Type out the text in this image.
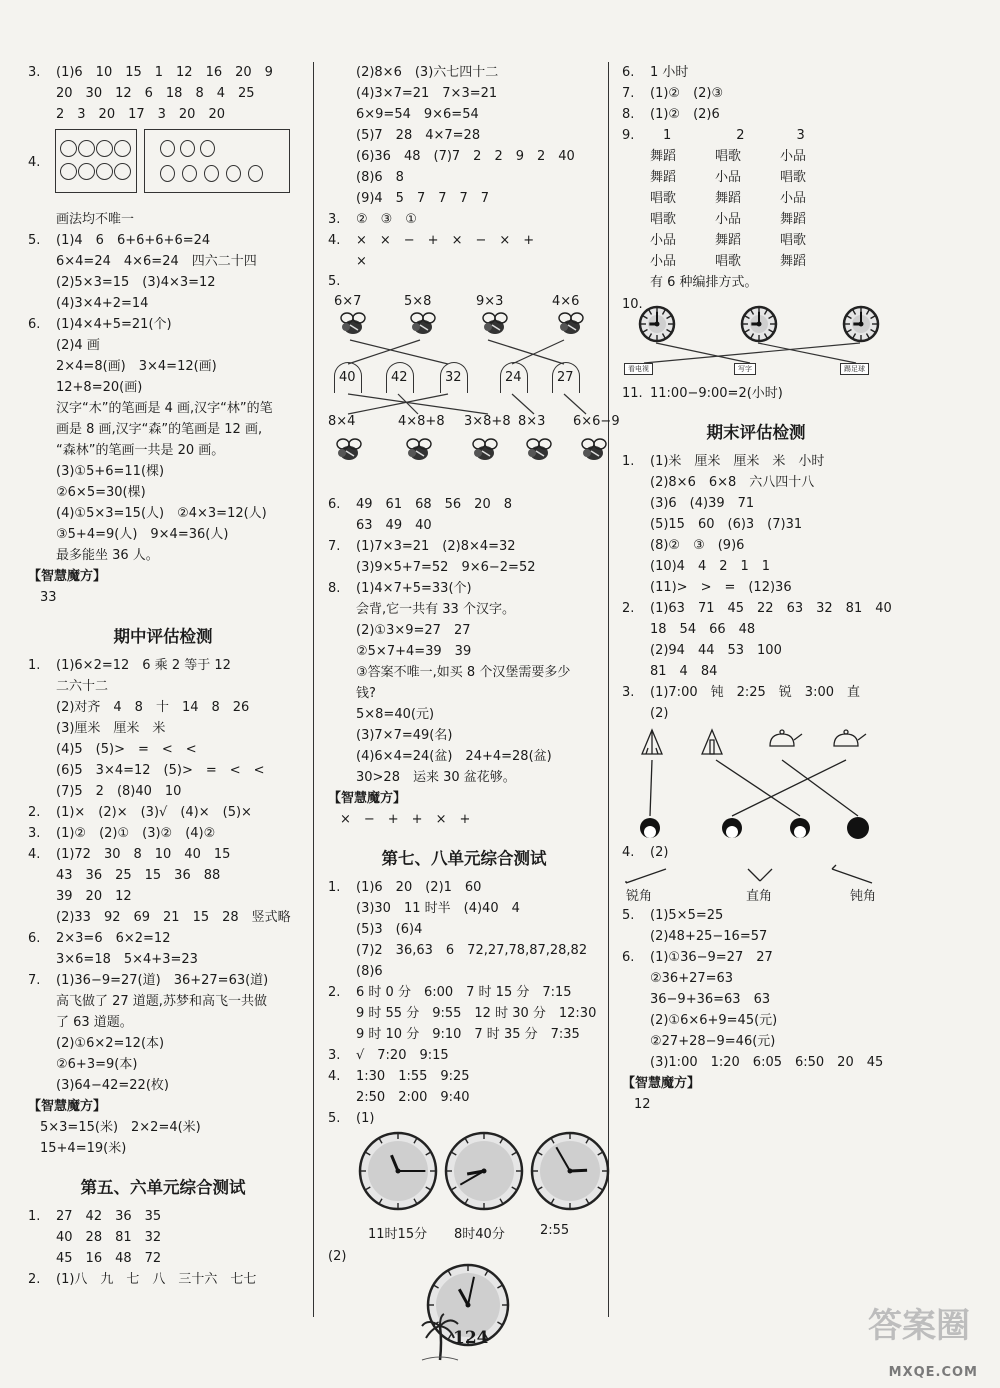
3. (1)6　10　15　1　12　16　20　9
20　30　12　6　18　8　4　25
2　3　20　17　3　20　20
4.
画法均不唯一
5. (1)4　6　6+6+6+6=24
6×4=24　4×6=24　四六二十四
(2)5×3=15　(3)4×3=12
(4)3×4+2=14
6. (1)4×4+5=21(个)
(2)4 画
2×4=8(画)　3×4=12(画)
12+8=20(画)
汉字“木”的笔画是 4 画,汉字“林”的笔
画是 8 画,汉字“森”的笔画是 12 画,
“森林”的笔画一共是 20 画。
(3)①5+6=11(棵)
②6×5=30(棵)
(4)①5×3=15(人)　②4×3=12(人)
③5+4=9(人)　9×4=36(人)
最多能坐 36 人。
【智慧魔方】
33
期中评估检测
1. (1)6×2=12　6 乘 2 等于 12
二六十二
(2)对齐　4　8　十　14　8　26
(3)厘米　厘米　米
(4)5　(5)>　=　<　<
(6)5　3×4=12　(5)>　=　<　<
(7)5　2　(8)40　10
2. (1)×　(2)×　(3)√　(4)×　(5)×
3. (1)②　(2)①　(3)②　(4)②
4. (1)72　30　8　10　40　15
43　36　25　15　36　88
39　20　12
(2)33　92　69　21　15　28　竖式略
6. 2×3=6　6×2=12
3×6=18　5×4+3=23
7. (1)36−9=27(道)　36+27=63(道)
高飞做了 27 道题,苏梦和高飞一共做
了 63 道题。
(2)①6×2=12(本)
②6+3=9(本)
(3)64−42=22(枚)
【智慧魔方】
5×3=15(米)　2×2=4(米)
15+4=19(米)
第五、六单元综合测试
1. 27　42　36　35
40　28　81　32
45　16　48　72
2. (1)八　九　七　八　三十六　七七
(2)8×6　(3)六七四十二
(4)3×7=21　7×3=21
6×9=54　9×6=54
(5)7　28　4×7=28
(6)36　48　(7)7　2　2　9　2　40
(8)6　8
(9)4　5　7　7　7　7
3. ②　③　①
4. ×　×　−　+　×　−　×　+
×
6×7	5×8	9×3	4×6
40	42	32	24	27
8×4	4×8+8 3×8+8 8×3 6×6−9
5.
6. 49　61　68　56　20　8
63　49　40
7. (1)7×3=21　(2)8×4=32
(3)9×5+7=52　9×6−2=52
8. (1)4×7+5=33(个)
会背,它一共有 33 个汉字。
(2)①3×9=27　27
②5×7+4=39　39
③答案不唯一,如买 8 个汉堡需要多少
钱?
5×8=40(元)
(3)7×7=49(名)
(4)6×4=24(盆)　24+4=28(盆)
30>28　运来 30 盆花够。
【智慧魔方】
×　−　+　+　×　+
第七、八单元综合测试
1. (1)6　20　(2)1　60
(3)30　11 时半　(4)40　4
(5)3　(6)4
(7)2　36,63　6　72,27,78,87,28,82
(8)6
2. 6 时 0 分　6:00　7 时 15 分　7:15
9 时 55 分　9:55　12 时 30 分　12:30
9 时 10 分　9:10　7 时 35 分　7:35
3. √　7:20　9:15
4. 1:30　1:55　9:25
2:50　2:00　9:40
5. (1)
11时15分 8时40分	2:55
(2)
6. 1 小时
7. (1)②　(2)③
8. (1)②　(2)6
9. 　1　　　　　2　　　　3
舞蹈　　　唱歌　　　小品
舞蹈　　　小品　　　唱歌
唱歌　　　舞蹈　　　小品
唱歌　　　小品　　　舞蹈
小品　　　舞蹈　　　唱歌
小品　　　唱歌　　　舞蹈
有 6 种编排方式。
10.
看电视	写字	踢足球
11. 11:00−9:00=2(小时)
期末评估检测
1. (1)米　厘米　厘米　米　小时
(2)8×6　6×8　六八四十八
(3)6　(4)39　71
(5)15　60　(6)3　(7)31
(8)②　③　(9)6
(10)4　4　2　1　1
(11)>　>　=　(12)36
2. (1)63　71　45　22　63　32　81　40
18　54　66　48
(2)94　44　53　100
81　4　84
3. (1)7:00　钝　2:25　锐　3:00　直
(2)
4. (2)
锐角	直角	钝角
5. (1)5×5=25
(2)48+25−16=57
6. (1)①36−9=27　27
②36+27=63
36−9+36=63　63
(2)①6×6+9=45(元)
②27+28−9=46(元)
(3)1:00　1:20　6:05　6:50　20　45
【智慧魔方】
12
124	答案圈
MXQE.COM
